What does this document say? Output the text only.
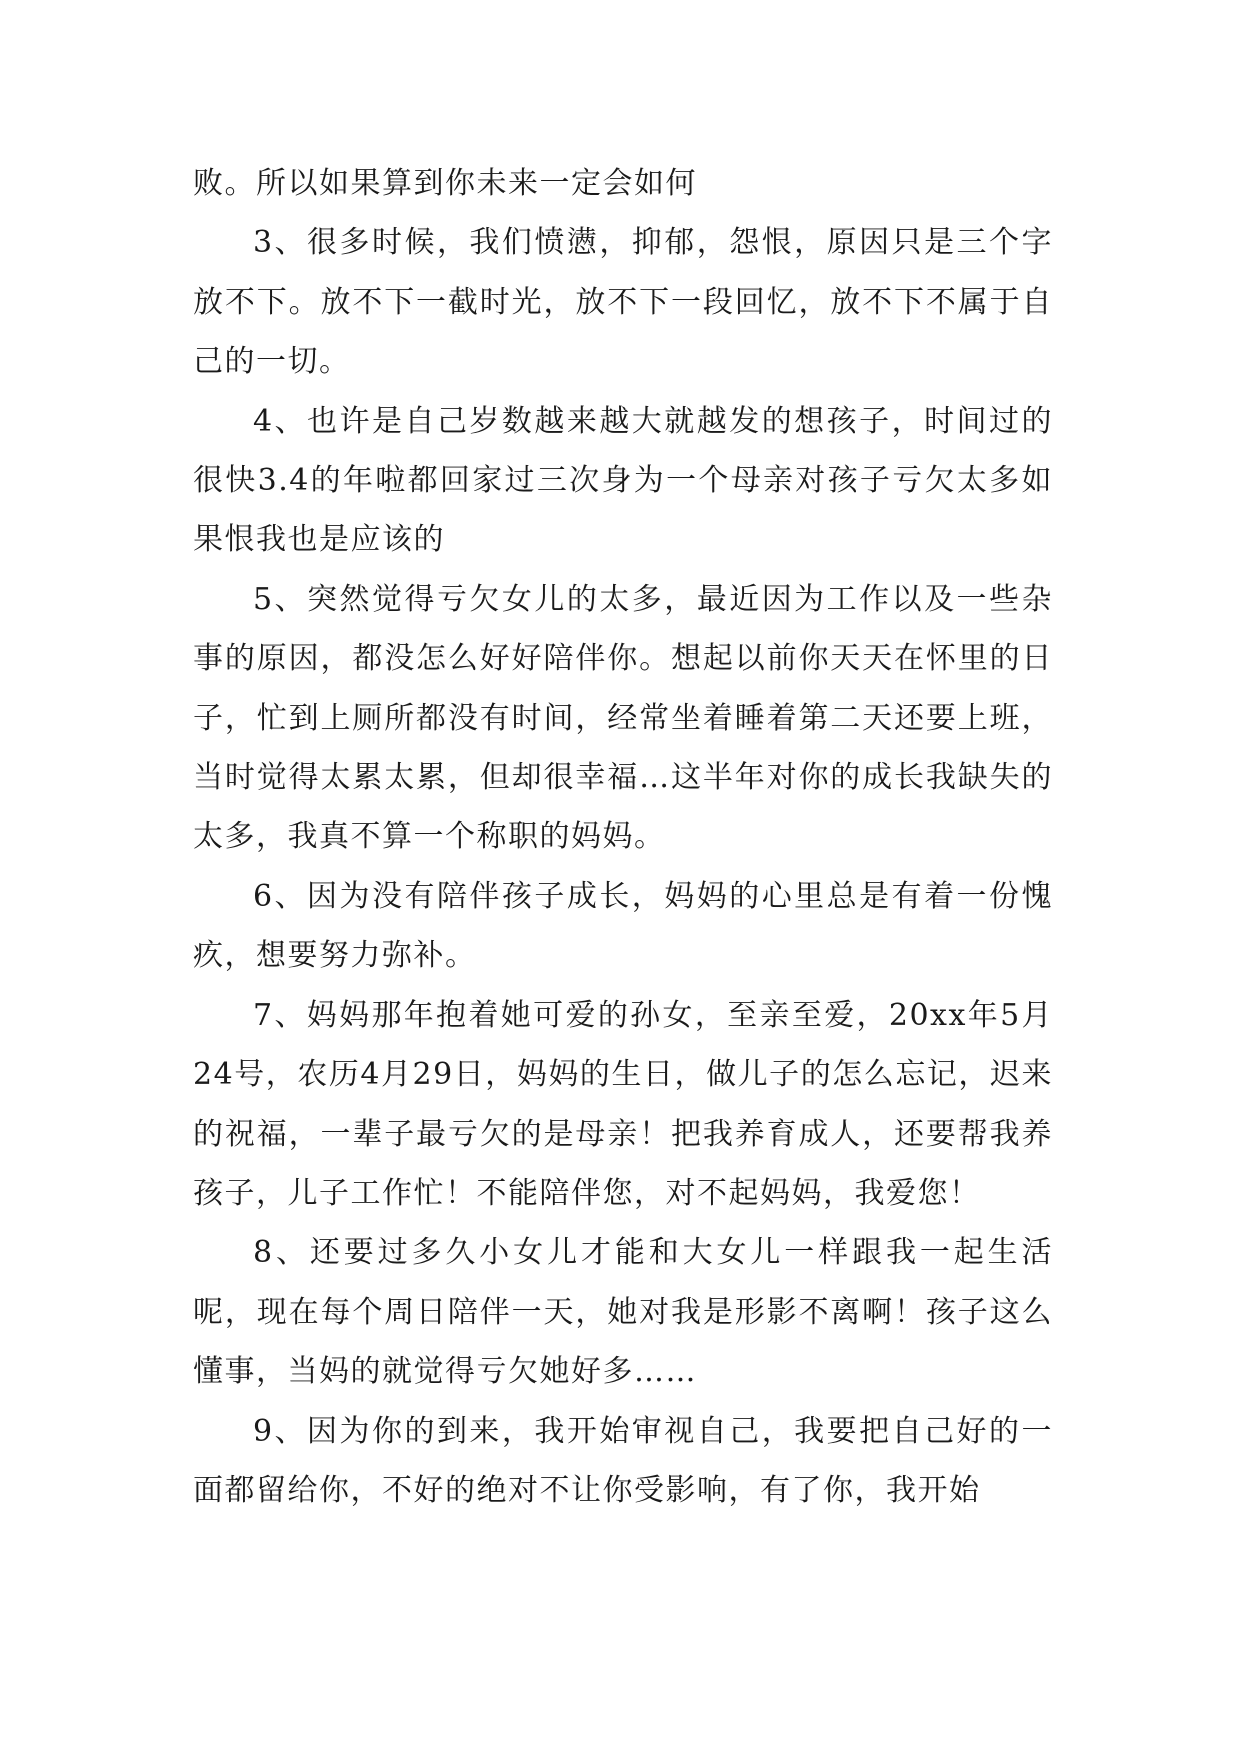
败。所以如果算到你未来一定会如何

3、很多时候，我们愤懑，抑郁，怨恨，原因只是三个字放不下。放不下一截时光，放不下一段回忆，放不下不属于自己的一切。

4、也许是自己岁数越来越大就越发的想孩子，时间过的很快3.4的年啦都回家过三次身为一个母亲对孩子亏欠太多如果恨我也是应该的

5、突然觉得亏欠女儿的太多，最近因为工作以及一些杂事的原因，都没怎么好好陪伴你。想起以前你天天在怀里的日子，忙到上厕所都没有时间，经常坐着睡着第二天还要上班，当时觉得太累太累，但却很幸福…这半年对你的成长我缺失的太多，我真不算一个称职的妈妈。

6、因为没有陪伴孩子成长，妈妈的心里总是有着一份愧疚，想要努力弥补。

7、妈妈那年抱着她可爱的孙女，至亲至爱，20xx年5月24号，农历4月29日，妈妈的生日，做儿子的怎么忘记，迟来的祝福，一辈子最亏欠的是母亲！把我养育成人，还要帮我养孩子，儿子工作忙！不能陪伴您，对不起妈妈，我爱您！

8、还要过多久小女儿才能和大女儿一样跟我一起生活呢，现在每个周日陪伴一天，她对我是形影不离啊！孩子这么懂事，当妈的就觉得亏欠她好多……

9、因为你的到来，我开始审视自己，我要把自己好的一面都留给你，不好的绝对不让你受影响，有了你，我开始
